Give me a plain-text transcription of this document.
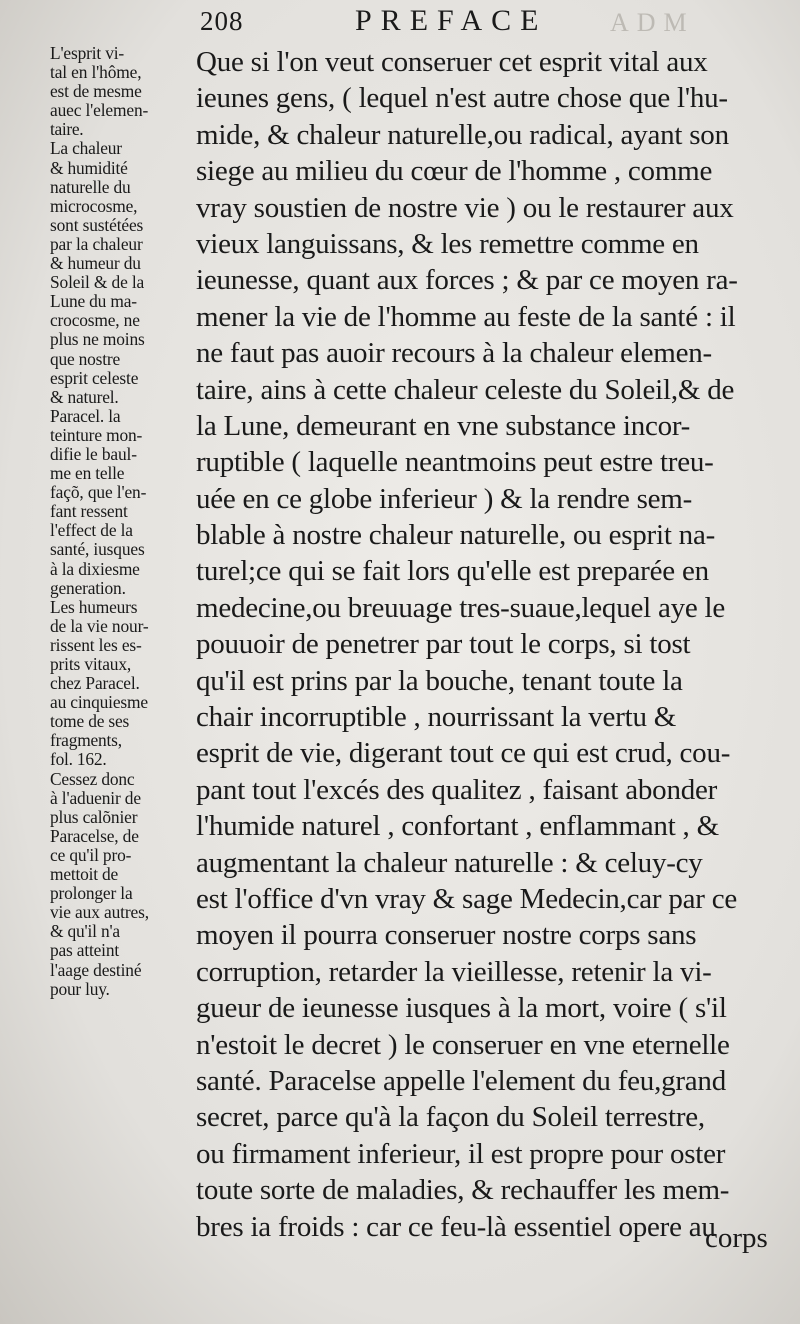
208	PREFACE ADM

L'esprit vi-

tal en l'hôme,

est de mesme

auec l'elemen-

taire.

La chaleur

& humidité

naturelle du

microcosme,

sont sustétées

par la chaleur

& humeur du

Soleil & de la

Lune du ma-

crocosme, ne

plus ne moins

que nostre

esprit celeste

& naturel.

Paracel. la

teinture mon-

difie le baul-

me en telle

façõ, que l'en-

fant ressent

l'effect de la

santé, iusques

à la dixiesme

generation.

Les humeurs

de la vie nour-

rissent les es-

prits vitaux,

chez Paracel.

au cinquiesme

tome de ses

fragments,

fol. 162.

Cessez donc

à l'aduenir de

plus calõnier

Paracelse, de

ce qu'il pro-

mettoit de

prolonger la

vie aux autres,

& qu'il n'a

pas atteint

l'aage destiné

pour luy.

Que si l'on veut conseruer cet esprit vital aux
ieunes gens, ( lequel n'est autre chose que l'hu-
mide, & chaleur naturelle,ou radical, ayant son
siege au milieu du cœur de l'homme , comme
vray soustien de nostre vie ) ou le restaurer aux
vieux languissans, & les remettre comme en
ieunesse, quant aux forces ; & par ce moyen ra-
mener la vie de l'homme au feste de la santé : il
ne faut pas auoir recours à la chaleur elemen-
taire, ains à cette chaleur celeste du Soleil,& de
la Lune, demeurant en vne substance incor-
ruptible ( laquelle neantmoins peut estre treu-
uée en ce globe inferieur ) & la rendre sem-
blable à nostre chaleur naturelle, ou esprit na-
turel;ce qui se fait lors qu'elle est preparée en
medecine,ou breuuage tres-suaue,lequel aye le
pouuoir de penetrer par tout le corps, si tost
qu'il est prins par la bouche, tenant toute la
chair incorruptible , nourrissant la vertu &
esprit de vie, digerant tout ce qui est crud, cou-
pant tout l'excés des qualitez , faisant abonder
l'humide naturel , confortant , enflammant , &
augmentant la chaleur naturelle : & celuy-cy
est l'office d'vn vray & sage Medecin,car par ce
moyen il pourra conseruer nostre corps sans
corruption, retarder la vieillesse, retenir la vi-
gueur de ieunesse iusques à la mort, voire ( s'il
n'estoit le decret ) le conseruer en vne eternelle
santé. Paracelse appelle l'element du feu,grand
secret, parce qu'à la façon du Soleil terrestre,
ou firmament inferieur, il est propre pour oster
toute sorte de maladies, & rechauffer les mem-
bres ia froids : car ce feu-là essentiel opere au
corps
